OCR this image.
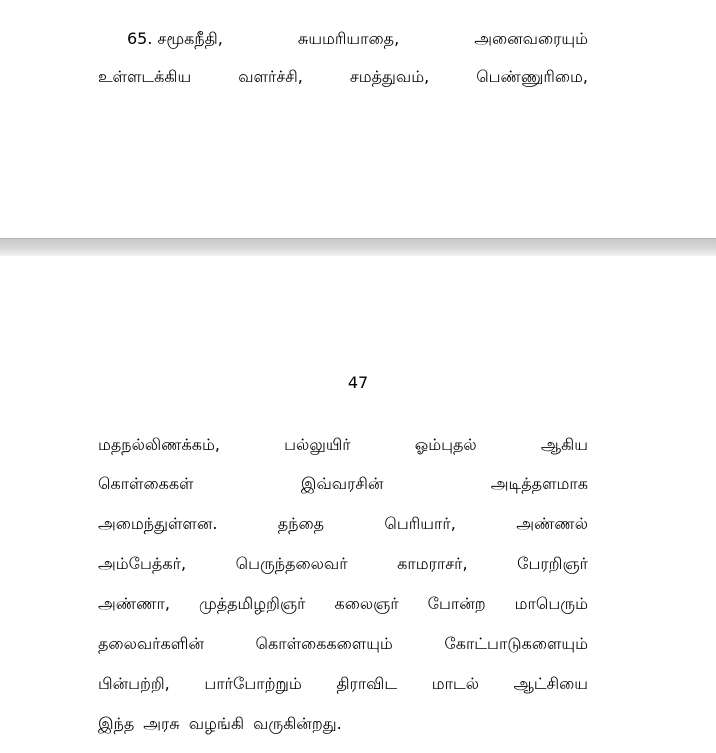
65. சமூகநீதி,	சுயமரியாதை,	அனைவரையும்
உள்ளடக்கிய	வளர்ச்சி,	சமத்துவம்,	பெண்ணுரிமை,
47
மதநல்லிணக்கம்,	பல்லுயிர்	ஓம்புதல்	ஆகிய
கொள்கைகள்	இவ்வரசின்	அடித்தளமாக
அமைந்துள்ளன.	தந்தை	பெரியார்,	அண்ணல்
அம்பேத்கர்,	பெருந்தலைவர்	காமராசர்,	பேரறிஞர்
அண்ணா, முத்தமிழறிஞர் கலைஞர் போன்ற மாபெரும்
தலைவர்களின்	கொள்கைகளையும்	கோட்பாடுகளையும்
பின்பற்றி, பார்போற்றும் திராவிட மாடல் ஆட்சியை
இந்த அரசு வழங்கி வருகின்றது.
